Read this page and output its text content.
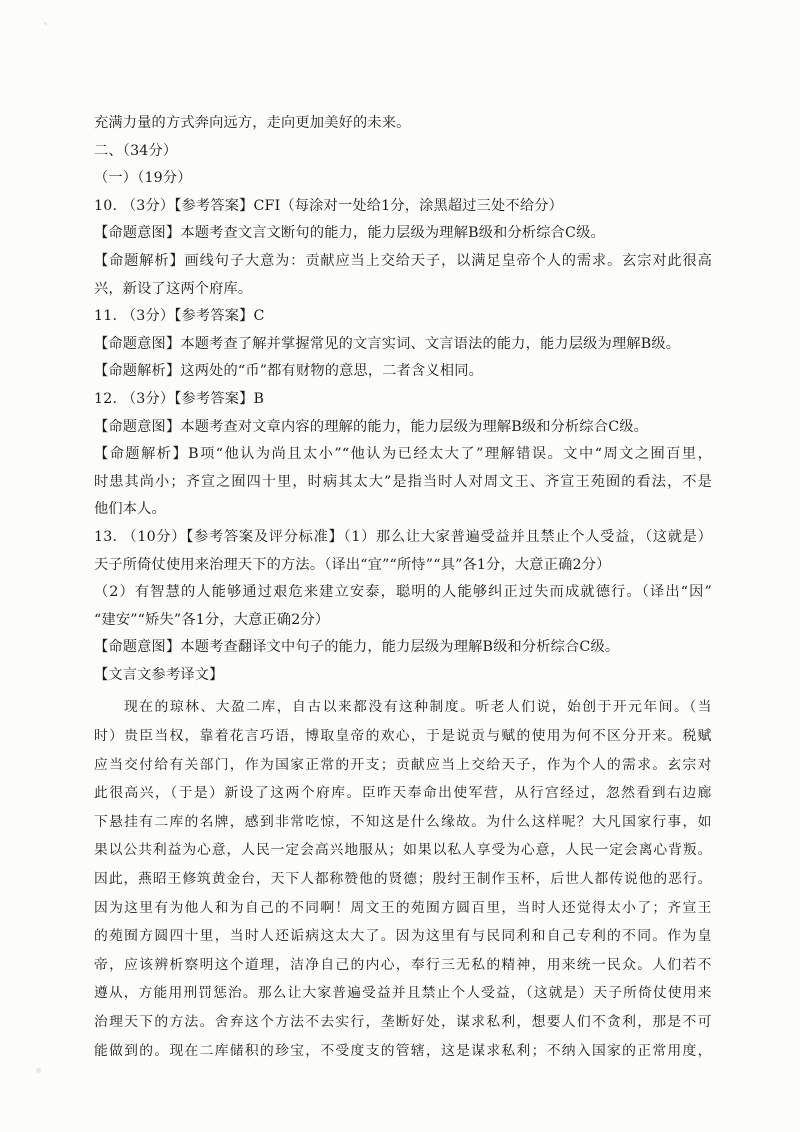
充满力量的方式奔向远方，走向更加美好的未来。
二、（34分）
（一）（19分）
10. （3分）【参考答案】CFI（每涂对一处给1分，涂黑超过三处不给分）
【命题意图】本题考查文言文断句的能力，能力层级为理解B级和分析综合C级。
【命题解析】画线句子大意为：贡献应当上交给天子，以满足皇帝个人的需求。玄宗对此很高
兴，新设了这两个府库。
11. （3分）【参考答案】C
【命题意图】本题考查了解并掌握常见的文言实词、文言语法的能力，能力层级为理解B级。
【命题解析】这两处的“币”都有财物的意思，二者含义相同。
12. （3分）【参考答案】B
【命题意图】本题考查对文章内容的理解的能力，能力层级为理解B级和分析综合C级。
【命题解析】B项“他认为尚且太小”“他认为已经太大了”理解错误。文中“周文之囿百里，
时患其尚小；齐宣之囿四十里，时病其太大”是指当时人对周文王、齐宣王苑囿的看法，不是
他们本人。
13. （10分）【参考答案及评分标准】（1）那么让大家普遍受益并且禁止个人受益，（这就是）
天子所倚仗使用来治理天下的方法。（译出“宜”“所恃”“具”各1分，大意正确2分）
（2）有智慧的人能够通过艰危来建立安泰，聪明的人能够纠正过失而成就德行。（译出“因”
“建安”“矫失”各1分，大意正确2分）
【命题意图】本题考查翻译文中句子的能力，能力层级为理解B级和分析综合C级。
【文言文参考译文】
现在的琼林、大盈二库，自古以来都没有这种制度。听老人们说，始创于开元年间。（当
时）贵臣当权，靠着花言巧语，博取皇帝的欢心，于是说贡与赋的使用为何不区分开来。税赋
应当交付给有关部门，作为国家正常的开支；贡献应当上交给天子，作为个人的需求。玄宗对
此很高兴，（于是）新设了这两个府库。臣昨天奉命出使军营，从行宫经过，忽然看到右边廊
下悬挂有二库的名牌，感到非常吃惊，不知这是什么缘故。为什么这样呢？大凡国家行事，如
果以公共利益为心意，人民一定会高兴地服从；如果以私人享受为心意，人民一定会离心背叛。
因此，燕昭王修筑黄金台，天下人都称赞他的贤德；殷纣王制作玉杯，后世人都传说他的恶行。
因为这里有为他人和为自己的不同啊！周文王的苑囿方圆百里，当时人还觉得太小了；齐宣王
的苑囿方圆四十里，当时人还诟病这太大了。因为这里有与民同利和自己专利的不同。作为皇
帝，应该辨析察明这个道理，洁净自己的内心，奉行三无私的精神，用来统一民众。人们若不
遵从，方能用刑罚惩治。那么让大家普遍受益并且禁止个人受益，（这就是）天子所倚仗使用来
治理天下的方法。舍弃这个方法不去实行，垄断好处，谋求私利，想要人们不贪利，那是不可
能做到的。现在二库储积的珍宝，不受度支的管辖，这是谋求私利；不纳入国家的正常用度，
